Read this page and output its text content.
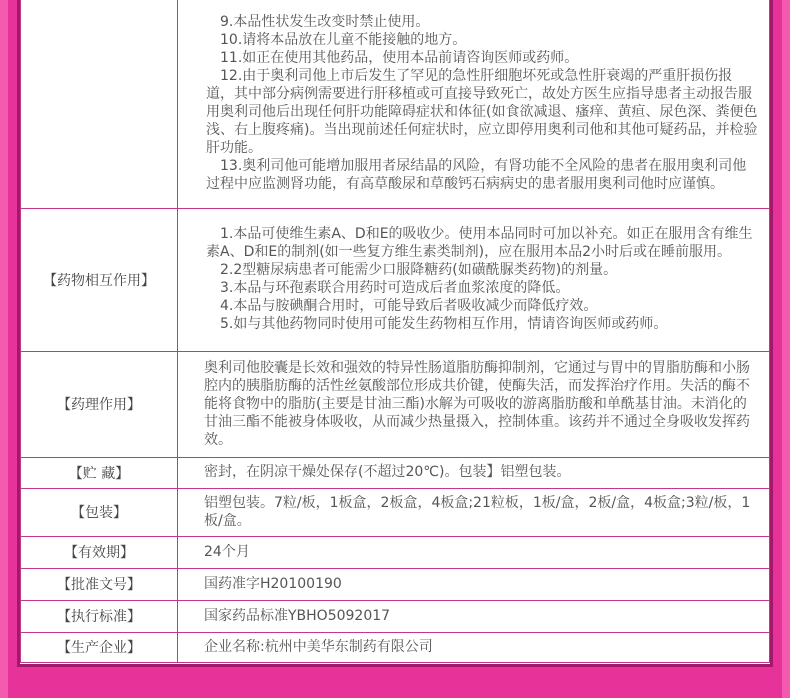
	9.本品性状发生改变时禁止使用。

10.请将本品放在儿童不能接触的地方。

11.如正在使用其他药品，使用本品前请咨询医师或药师。

12.由于奥利司他上市后发生了罕见的急性肝细胞坏死或急性肝衰竭的严重肝损伤报道，其中部分病例需要进行肝移植或可直接导致死亡，故处方医生应指导患者主动报告服用奥利司他后出现任何肝功能障碍症状和体征(如食欲减退、瘙痒、黄疸、尿色深、粪便色浅、右上腹疼痛)。当出现前述任何症状时，应立即停用奥利司他和其他可疑药品，并检验肝功能。

13.奥利司他可能增加服用者尿结晶的风险，有肾功能不全风险的患者在服用奥利司他过程中应监测肾功能，有高草酸尿和草酸钙石病病史的患者服用奥利司他时应谨慎。

【药物相互作用】	1.本品可使维生素A、D和E的吸收少。使用本品同时可加以补充。如正在服用含有维生素A、D和E的制剂(如一些复方维生素类制剂)，应在服用本品2小时后或在睡前服用。

2.2型糖尿病患者可能需少口服降糖药(如磺酰脲类药物)的剂量。

3.本品与环孢素联合用药时可造成后者血浆浓度的降低。

4.本品与胺碘酮合用时，可能导致后者吸收减少而降低疗效。

5.如与其他药物同时使用可能发生药物相互作用，情请咨询医师或药师。

【药理作用】	奥利司他胶囊是长效和强效的特异性肠道脂肪酶抑制剂，它通过与胃中的胃脂肪酶和小肠腔内的胰脂肪酶的活性丝氨酸部位形成共价键，使酶失活，而发挥治疗作用。失活的酶不能将食物中的脂肪(主要是甘油三酯)水解为可吸收的游离脂肪酸和单酰基甘油。未消化的甘油三酯不能被身体吸收，从而减少热量摄入，控制体重。该药并不通过全身吸收发挥药效。
【贮 藏】	密封，在阴凉干燥处保存(不超过20℃)。包装】铝塑包装。
【包装】	铝塑包装。7粒/板，1板盒，2板盒，4板盒;21粒板，1板/盒，2板/盒，4板盒;3粒/板，1板/盒。
【有效期】	24个月
【批准文号】	国药准字H20100190
【执行标准】	国家药品标准YBHO5092017
【生产企业】	企业名称:杭州中美华东制药有限公司
